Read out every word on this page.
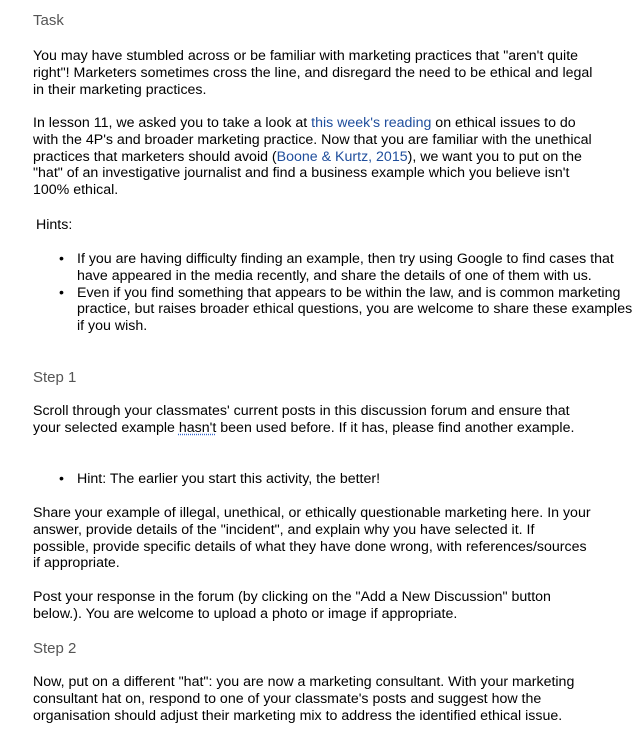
Task

You may have stumbled across or be familiar with marketing practices that "aren't quite right"! Marketers sometimes cross the line, and disregard the need to be ethical and legal in their marketing practices.

In lesson 11, we asked you to take a look at this week's reading on ethical issues to do with the 4P's and broader marketing practice. Now that you are familiar with the unethical practices that marketers should avoid (Boone & Kurtz, 2015), we want you to put on the "hat" of an investigative journalist and find a business example which you believe isn't 100% ethical.

Hints:

• If you are having difficulty finding an example, then try using Google to find cases that have appeared in the media recently, and share the details of one of them with us.
• Even if you find something that appears to be within the law, and is common marketing practice, but raises broader ethical questions, you are welcome to share these examples if you wish.

Step 1

Scroll through your classmates' current posts in this discussion forum and ensure that your selected example hasn't been used before. If it has, please find another example.

• Hint: The earlier you start this activity, the better!

Share your example of illegal, unethical, or ethically questionable marketing here. In your answer, provide details of the "incident", and explain why you have selected it. If possible, provide specific details of what they have done wrong, with references/sources if appropriate.

Post your response in the forum (by clicking on the "Add a New Discussion" button below.). You are welcome to upload a photo or image if appropriate.

Step 2

Now, put on a different "hat": you are now a marketing consultant. With your marketing consultant hat on, respond to one of your classmate's posts and suggest how the organisation should adjust their marketing mix to address the identified ethical issue.
